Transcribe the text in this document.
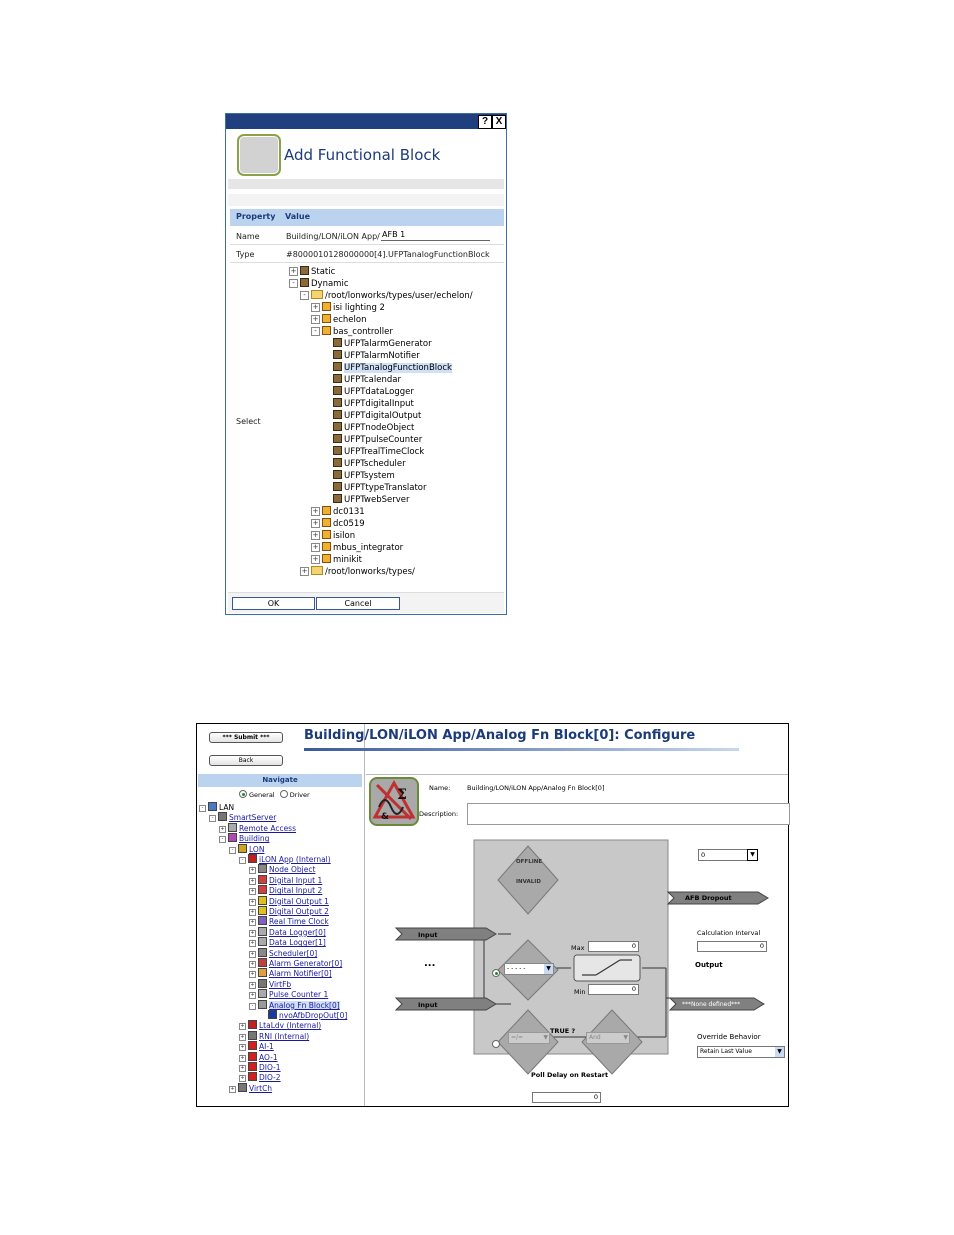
? X
Add Functional Block
Property Value
Name	Building/LON/iLON App/
AFB 1
Type	#8000010128000000[4].UFPTanalogFunctionBlock
Select
+ Static
- Dynamic
- /root/lonworks/types/user/echelon/
+ isi lighting 2
+ echelon
- bas_controller
UFPTalarmGenerator
UFPTalarmNotifier
UFPTanalogFunctionBlock
UFPTcalendar
UFPTdataLogger
UFPTdigitalInput
UFPTdigitalOutput
UFPTnodeObject
UFPTpulseCounter
UFPTrealTimeClock
UFPTscheduler
UFPTsystem
UFPTtypeTranslator
UFPTwebServer
+ dc0131
+ dc0519
+ isilon
+ mbus_integrator
+ minikit
+ /root/lonworks/types/
OK	Cancel
*** Submit ***
Back
Navigate
General Driver
- LAN
- SmartServer
+ Remote Access
- Building
- LON
- iLON App (Internal)
+ Node Object
+ Digital Input 1
+ Digital Input 2
+ Digital Output 1
+ Digital Output 2
+ Real Time Clock
+ Data Logger[0]
+ Data Logger[1]
+ Scheduler[0]
+ Alarm Generator[0]
+ Alarm Notifier[0]
+ VirtFb
+ Pulse Counter 1
- Analog Fn Block[0]
nvoAfbDropOut[0]
+ LtaLdv (Internal)
+ RNI (Internal)
+ AI-1
+ AO-1
+ DIO-1
+ DIO-2
+ VirtCh
Building/LON/iLON App/Analog Fn Block[0]: Configure
Σ
&
Name:	Building/LON/iLON App/Analog Fn Block[0]
Description:
OFFLINE
INVALID
Input
Input
...	- - - - -	▼
Max	0
Min	0
=/=	▼
TRUE ?
And	▼
0	▼
AFB Dropout
Calculation Interval
0
Output
***None defined***
Override Behavior
Retain Last Value	▼
Poll Delay on Restart
0
